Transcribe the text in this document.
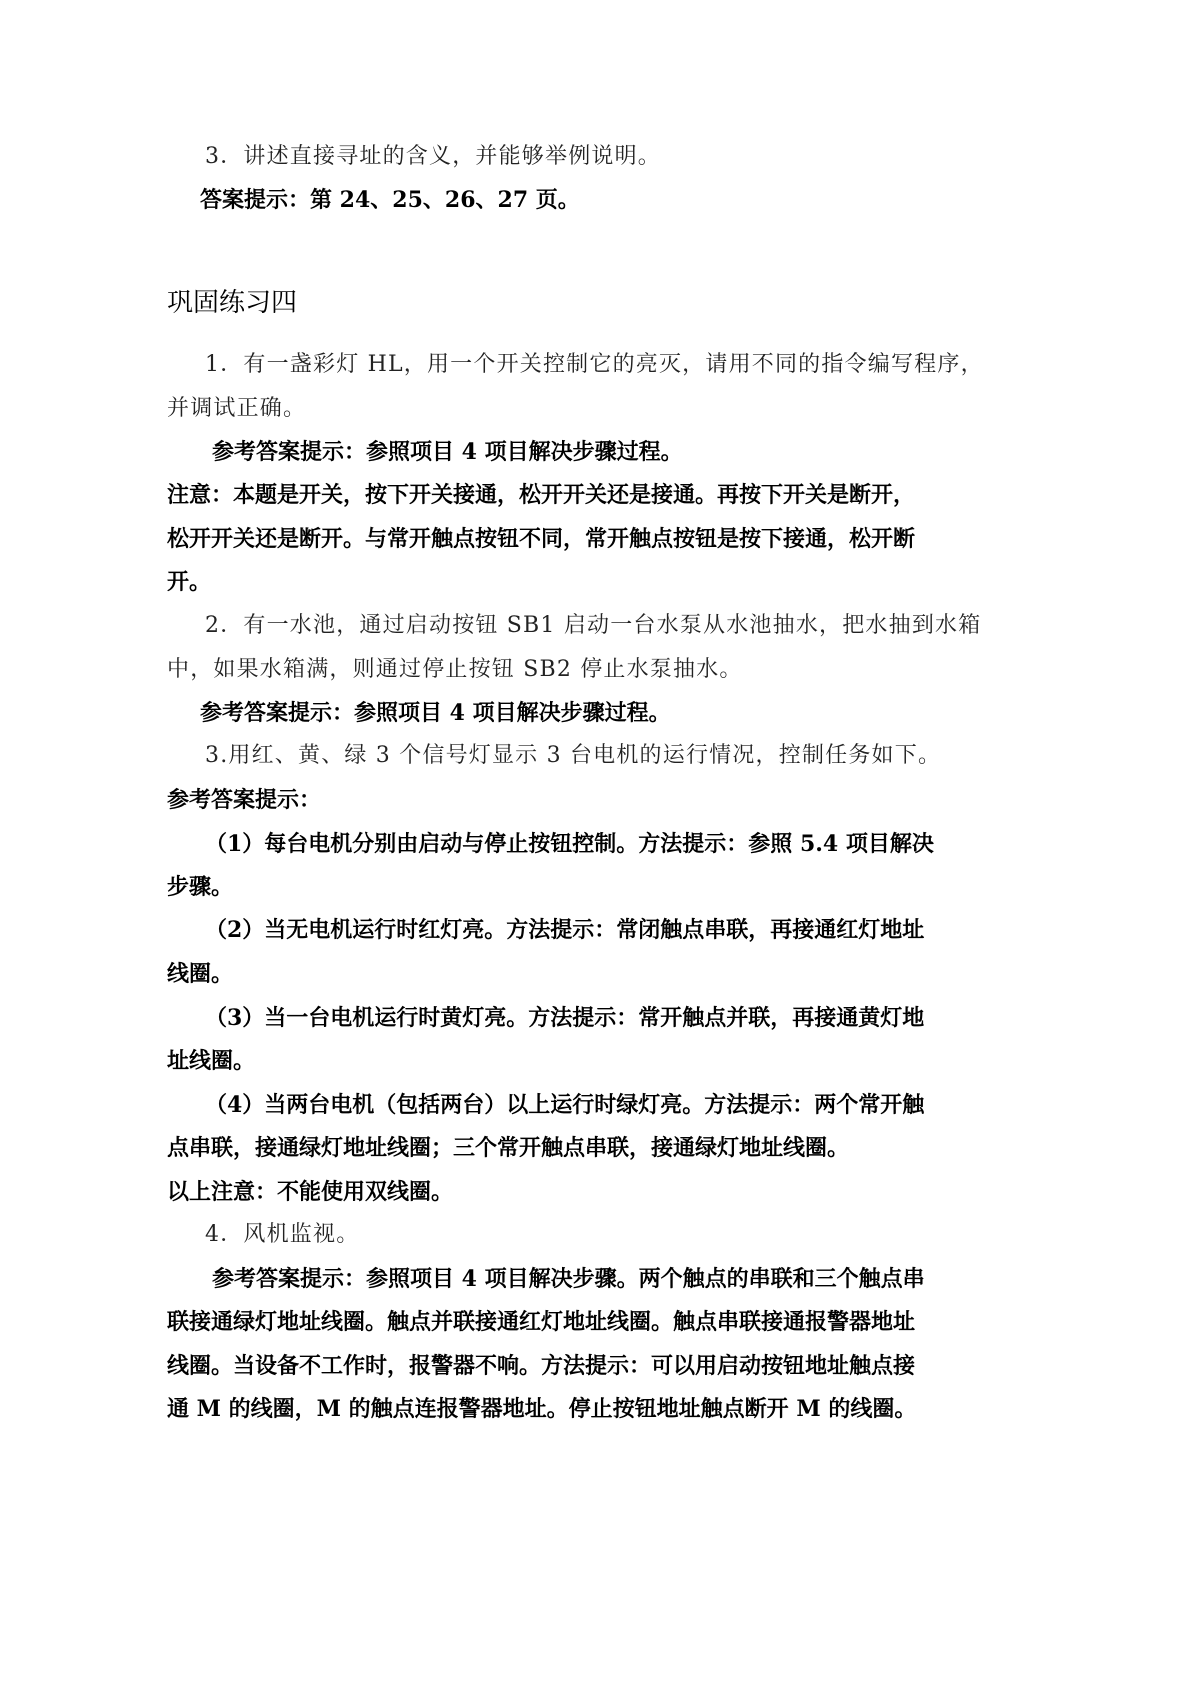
3．讲述直接寻址的含义，并能够举例说明。
答案提示：第 24、25、26、27 页。
巩固练习四
1．有一盏彩灯 HL，用一个开关控制它的亮灭，请用不同的指令编写程序，
并调试正确。
参考答案提示：参照项目 4 项目解决步骤过程。
注意：本题是开关，按下开关接通，松开开关还是接通。再按下开关是断开，
松开开关还是断开。与常开触点按钮不同，常开触点按钮是按下接通，松开断
开。
2．有一水池，通过启动按钮 SB1 启动一台水泵从水池抽水，把水抽到水箱
中，如果水箱满，则通过停止按钮 SB2 停止水泵抽水。
参考答案提示：参照项目 4 项目解决步骤过程。
3.用红、黄、绿 3 个信号灯显示 3 台电机的运行情况，控制任务如下。
参考答案提示：
（1）每台电机分别由启动与停止按钮控制。方法提示：参照 5.4 项目解决
步骤。
（2）当无电机运行时红灯亮。方法提示：常闭触点串联，再接通红灯地址
线圈。
（3）当一台电机运行时黄灯亮。方法提示：常开触点并联，再接通黄灯地
址线圈。
（4）当两台电机（包括两台）以上运行时绿灯亮。方法提示：两个常开触
点串联，接通绿灯地址线圈；三个常开触点串联，接通绿灯地址线圈。
以上注意：不能使用双线圈。
4．风机监视。
参考答案提示：参照项目 4 项目解决步骤。两个触点的串联和三个触点串
联接通绿灯地址线圈。触点并联接通红灯地址线圈。触点串联接通报警器地址
线圈。当设备不工作时，报警器不响。方法提示：可以用启动按钮地址触点接
通 M 的线圈，M 的触点连报警器地址。停止按钮地址触点断开 M 的线圈。
